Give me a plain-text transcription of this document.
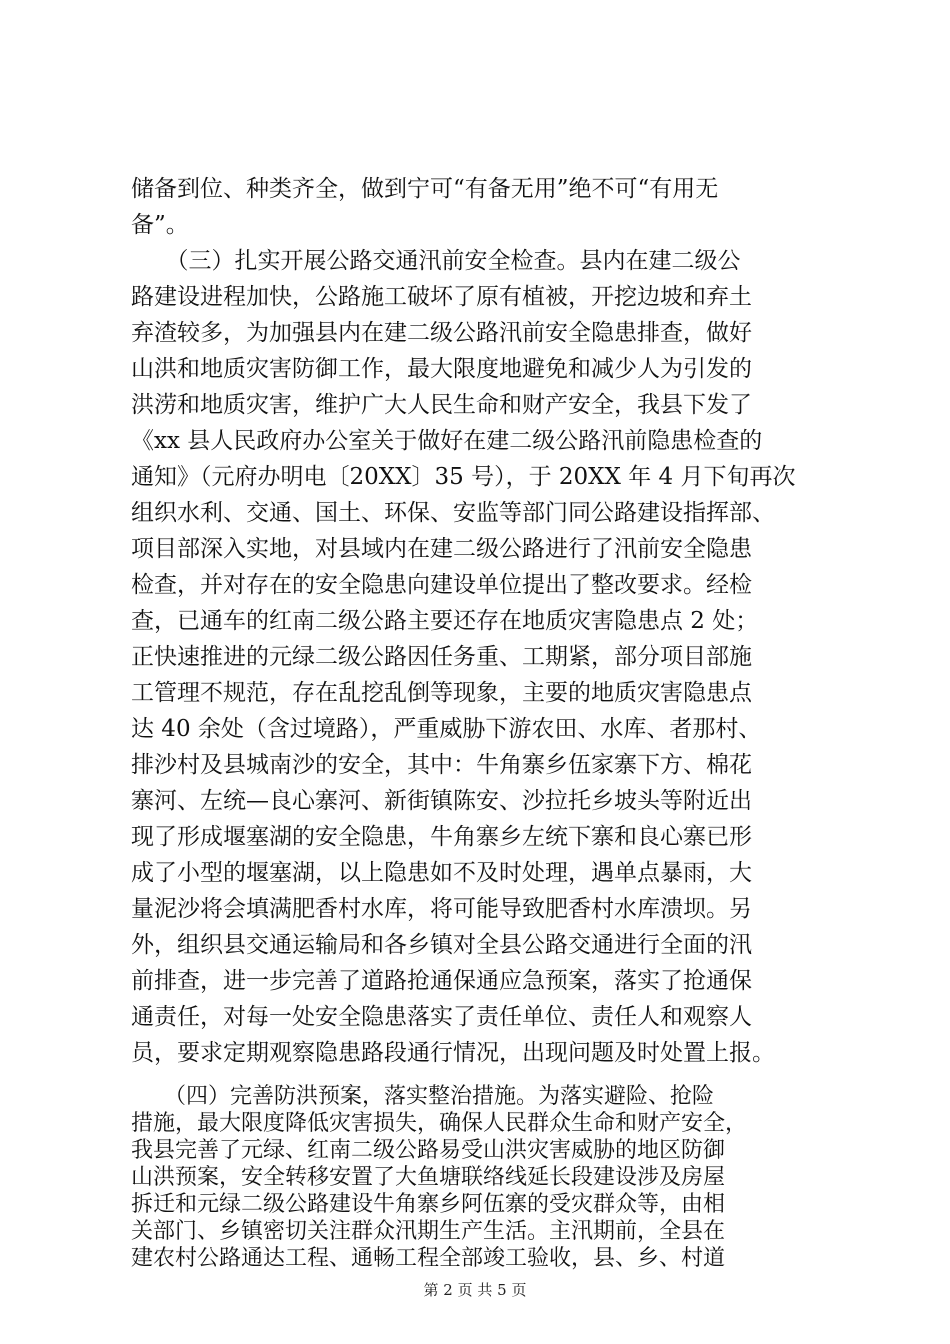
储备到位、种类齐全，做到宁可“有备无用”绝不可“有用无
备”。
　　（三）扎实开展公路交通汛前安全检查。县内在建二级公
路建设进程加快，公路施工破坏了原有植被，开挖边坡和弃土
弃渣较多，为加强县内在建二级公路汛前安全隐患排查，做好
山洪和地质灾害防御工作，最大限度地避免和减少人为引发的
洪涝和地质灾害，维护广大人民生命和财产安全，我县下发了
《xx 县人民政府办公室关于做好在建二级公路汛前隐患检查的
通知》（元府办明电〔20XX〕35 号），于 20XX 年 4 月下旬再次
组织水利、交通、国土、环保、安监等部门同公路建设指挥部、
项目部深入实地，对县域内在建二级公路进行了汛前安全隐患
检查，并对存在的安全隐患向建设单位提出了整改要求。经检
查，已通车的红南二级公路主要还存在地质灾害隐患点 2 处；
正快速推进的元绿二级公路因任务重、工期紧，部分项目部施
工管理不规范，存在乱挖乱倒等现象，主要的地质灾害隐患点
达 40 余处（含过境路），严重威胁下游农田、水库、者那村、
排沙村及县城南沙的安全，其中：牛角寨乡伍家寨下方、棉花
寨河、左统—良心寨河、新街镇陈安、沙拉托乡坡头等附近出
现了形成堰塞湖的安全隐患，牛角寨乡左统下寨和良心寨已形
成了小型的堰塞湖，以上隐患如不及时处理，遇单点暴雨，大
量泥沙将会填满肥香村水库，将可能导致肥香村水库溃坝。另
外，组织县交通运输局和各乡镇对全县公路交通进行全面的汛
前排查，进一步完善了道路抢通保通应急预案，落实了抢通保
通责任，对每一处安全隐患落实了责任单位、责任人和观察人
员，要求定期观察隐患路段通行情况，出现问题及时处置上报。
第 2 页 共 5 页
　　（四）完善防洪预案，落实整治措施。为落实避险、抢险
措施，最大限度降低灾害损失，确保人民群众生命和财产安全，
我县完善了元绿、红南二级公路易受山洪灾害威胁的地区防御
山洪预案，安全转移安置了大鱼塘联络线延长段建设涉及房屋
拆迁和元绿二级公路建设牛角寨乡阿伍寨的受灾群众等，由相
关部门、乡镇密切关注群众汛期生产生活。主汛期前，全县在
建农村公路通达工程、通畅工程全部竣工验收，县、乡、村道
